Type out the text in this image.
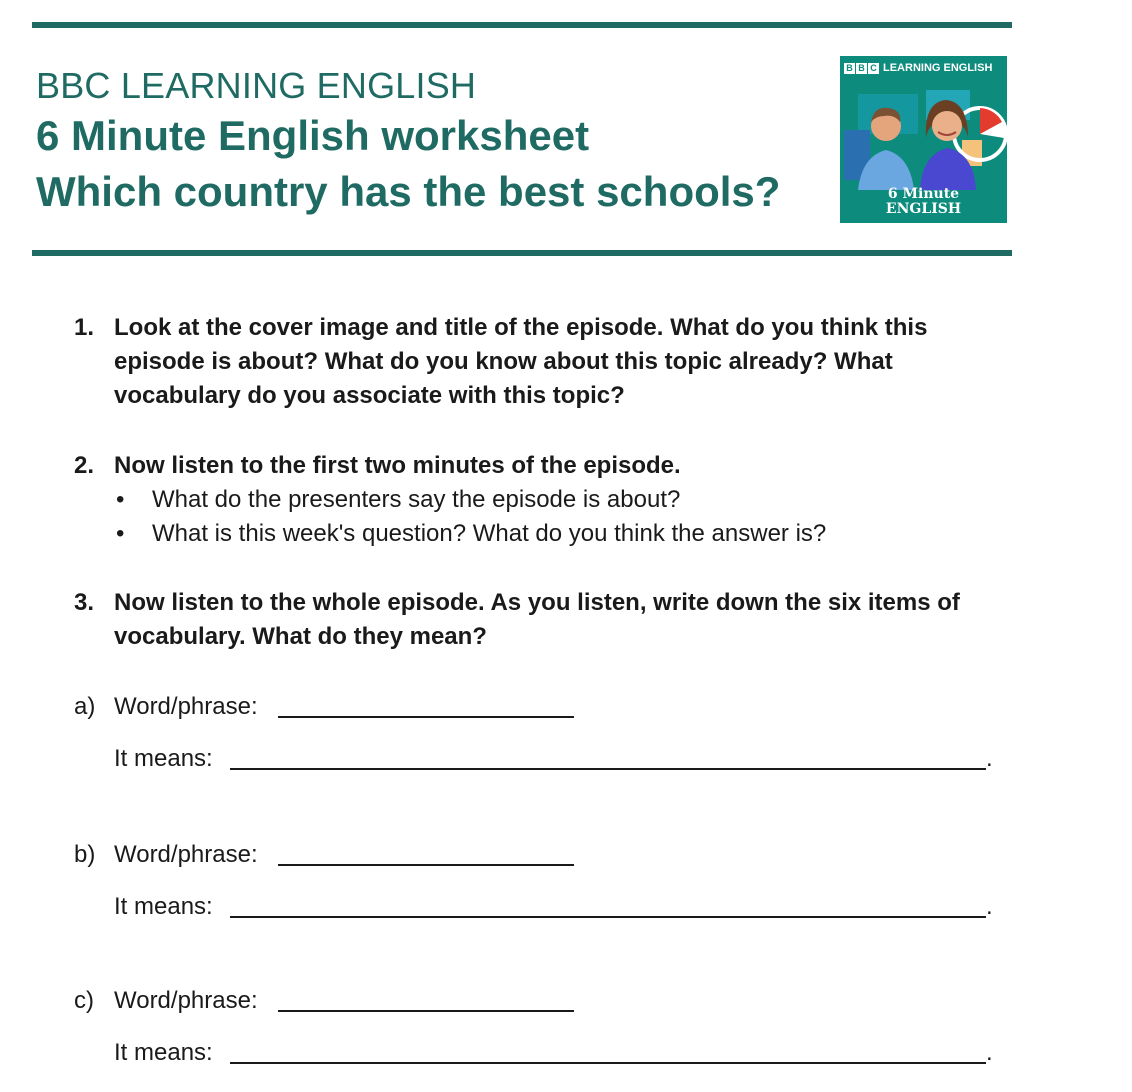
BBC LEARNING ENGLISH
6 Minute English worksheet
Which country has the best schools?
B B C LEARNING ENGLISH
6 Minute
ENGLISH
1. Look at the cover image and title of the episode. What do you think this episode is about? What do you know about this topic already? What vocabulary do you associate with this topic?
2. Now listen to the first two minutes of the episode.
• What do the presenters say the episode is about?
• What is this week's question? What do you think the answer is?
3. Now listen to the whole episode. As you listen, write down the six items of vocabulary. What do they mean?
a) Word/phrase:
It means:	.
b) Word/phrase:
It means:	.
c) Word/phrase:
It means:	.
